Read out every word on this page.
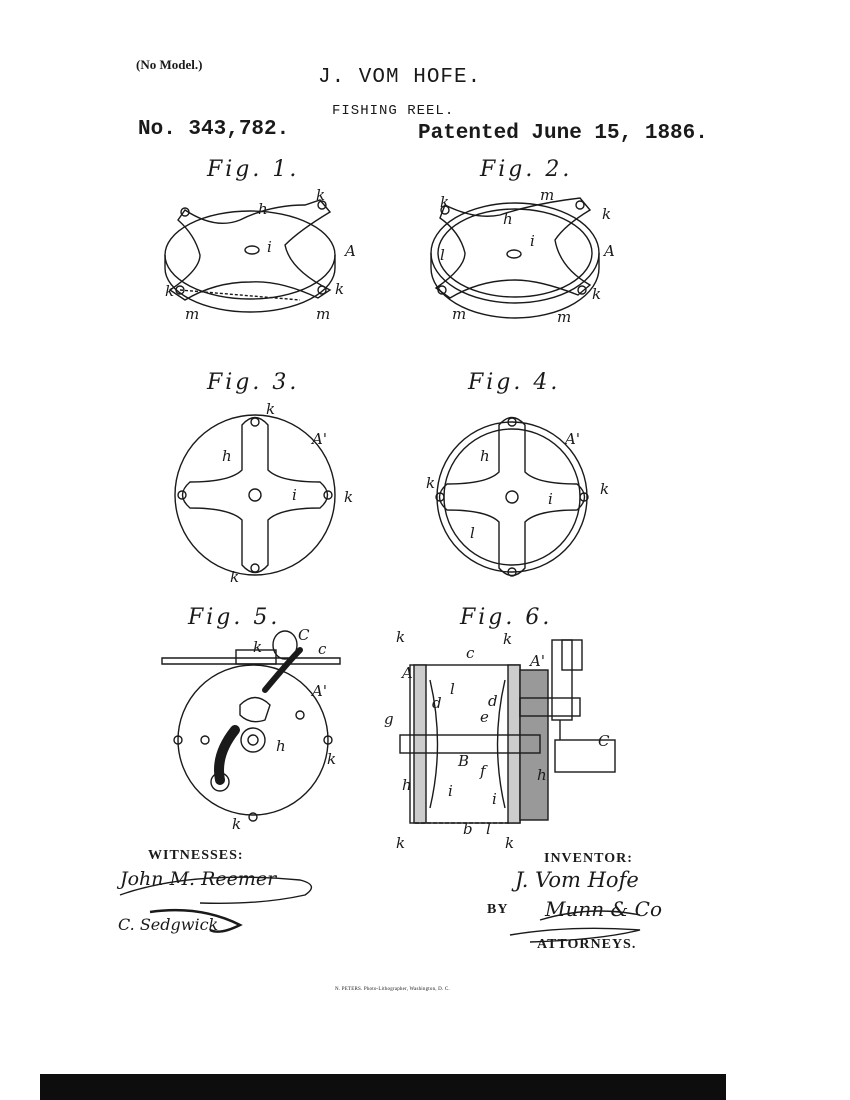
(No Model.)
J. VOM HOFE.
FISHING REEL.
No. 343,782.	Patented June 15, 1886.
Fig. 1.	Fig. 2.
Fig. 3.	Fig. 4.
Fig. 5.	Fig. 6.
h
k
i	A
k	k
m	m
m
k
k
h
i
l	A
k
m	m
k
A'
h
i	k
k
A'
h
k
i
k
l
C
c
k
A'
h
k
k
k	k
c	A'
A
l
d	d
e
g
C
B
f	h
h i	i
b l
k	k
WITNESSES:
John M. Reemer
C. Sedgwick
INVENTOR:
J. Vom Hofe
BY Munn & Co
ATTORNEYS.
N. PETERS. Photo-Lithographer, Washington, D. C.
